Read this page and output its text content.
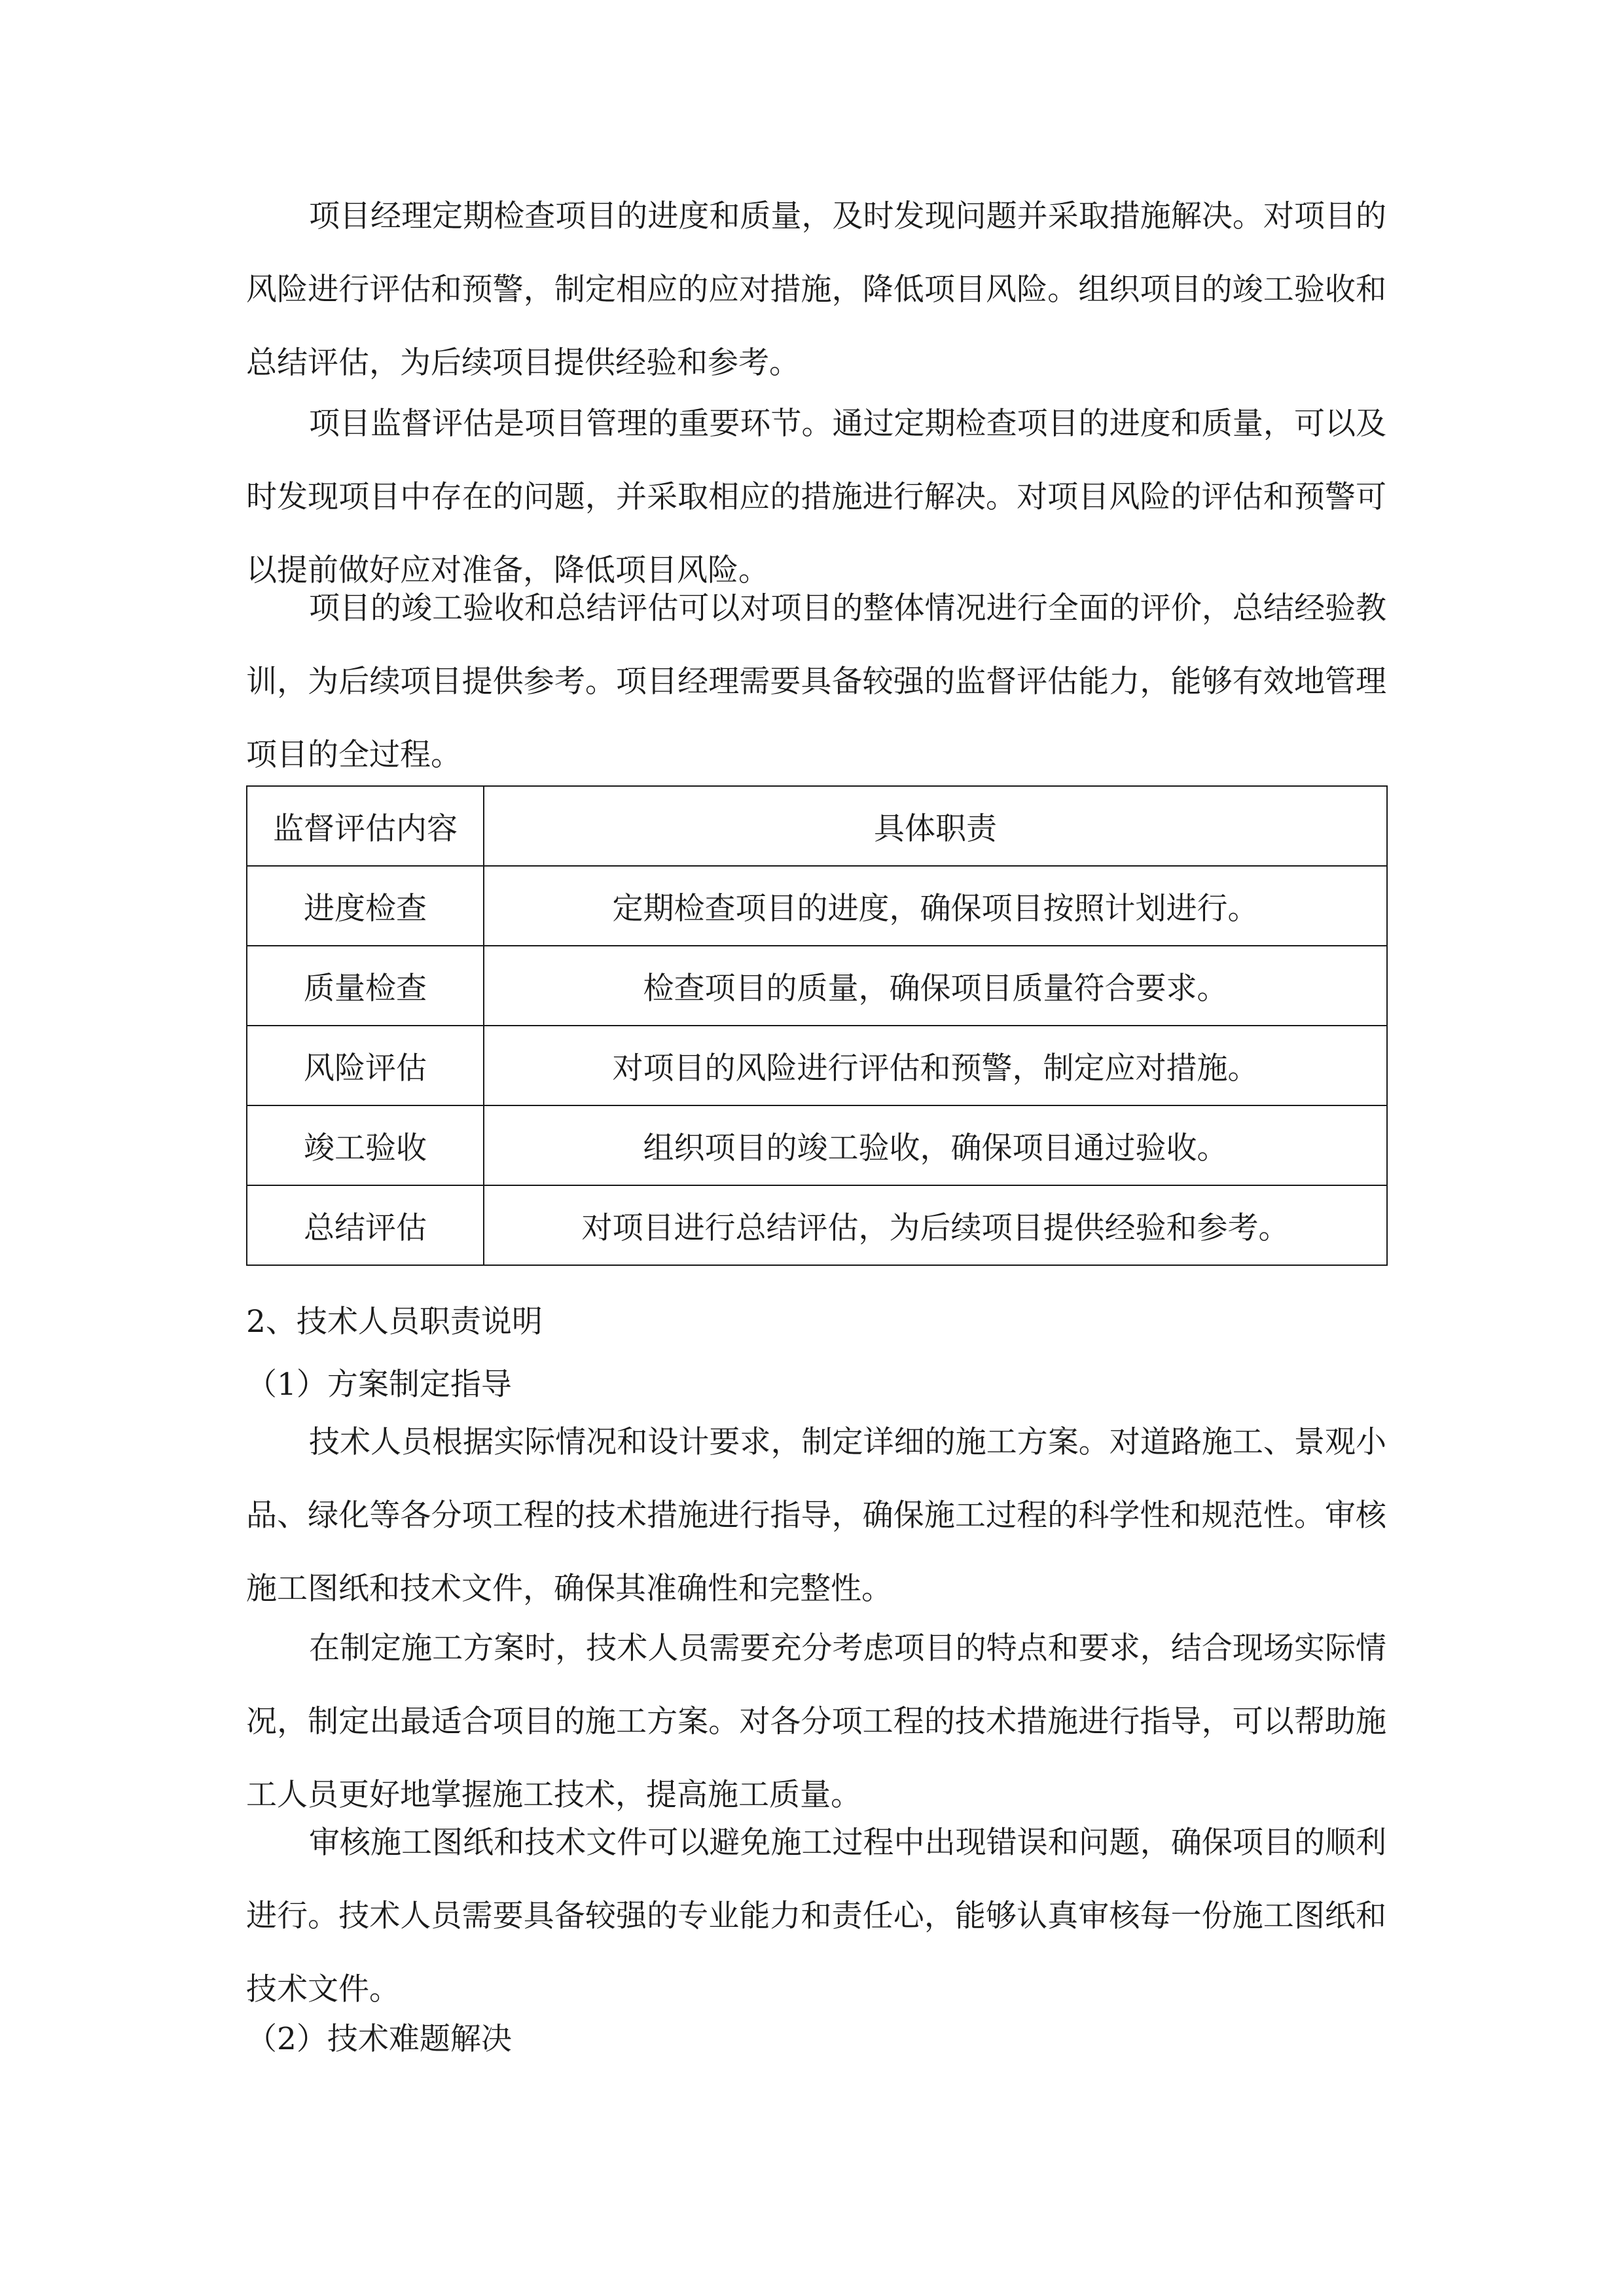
项目经理定期检查项目的进度和质量，及时发现问题并采取措施解决。对项目的风险进行评估和预警，制定相应的应对措施，降低项目风险。组织项目的竣工验收和总结评估，为后续项目提供经验和参考。

项目监督评估是项目管理的重要环节。通过定期检查项目的进度和质量，可以及时发现项目中存在的问题，并采取相应的措施进行解决。对项目风险的评估和预警可以提前做好应对准备，降低项目风险。

项目的竣工验收和总结评估可以对项目的整体情况进行全面的评价，总结经验教训，为后续项目提供参考。项目经理需要具备较强的监督评估能力，能够有效地管理项目的全过程。

监督评估内容	具体职责
进度检查	定期检查项目的进度，确保项目按照计划进行。
质量检查	检查项目的质量，确保项目质量符合要求。
风险评估	对项目的风险进行评估和预警，制定应对措施。
竣工验收	组织项目的竣工验收，确保项目通过验收。
总结评估	对项目进行总结评估，为后续项目提供经验和参考。

2、技术人员职责说明

（1）方案制定指导

技术人员根据实际情况和设计要求，制定详细的施工方案。对道路施工、景观小品、绿化等各分项工程的技术措施进行指导，确保施工过程的科学性和规范性。审核施工图纸和技术文件，确保其准确性和完整性。

在制定施工方案时，技术人员需要充分考虑项目的特点和要求，结合现场实际情况，制定出最适合项目的施工方案。对各分项工程的技术措施进行指导，可以帮助施工人员更好地掌握施工技术，提高施工质量。

审核施工图纸和技术文件可以避免施工过程中出现错误和问题，确保项目的顺利进行。技术人员需要具备较强的专业能力和责任心，能够认真审核每一份施工图纸和技术文件。

（2）技术难题解决
